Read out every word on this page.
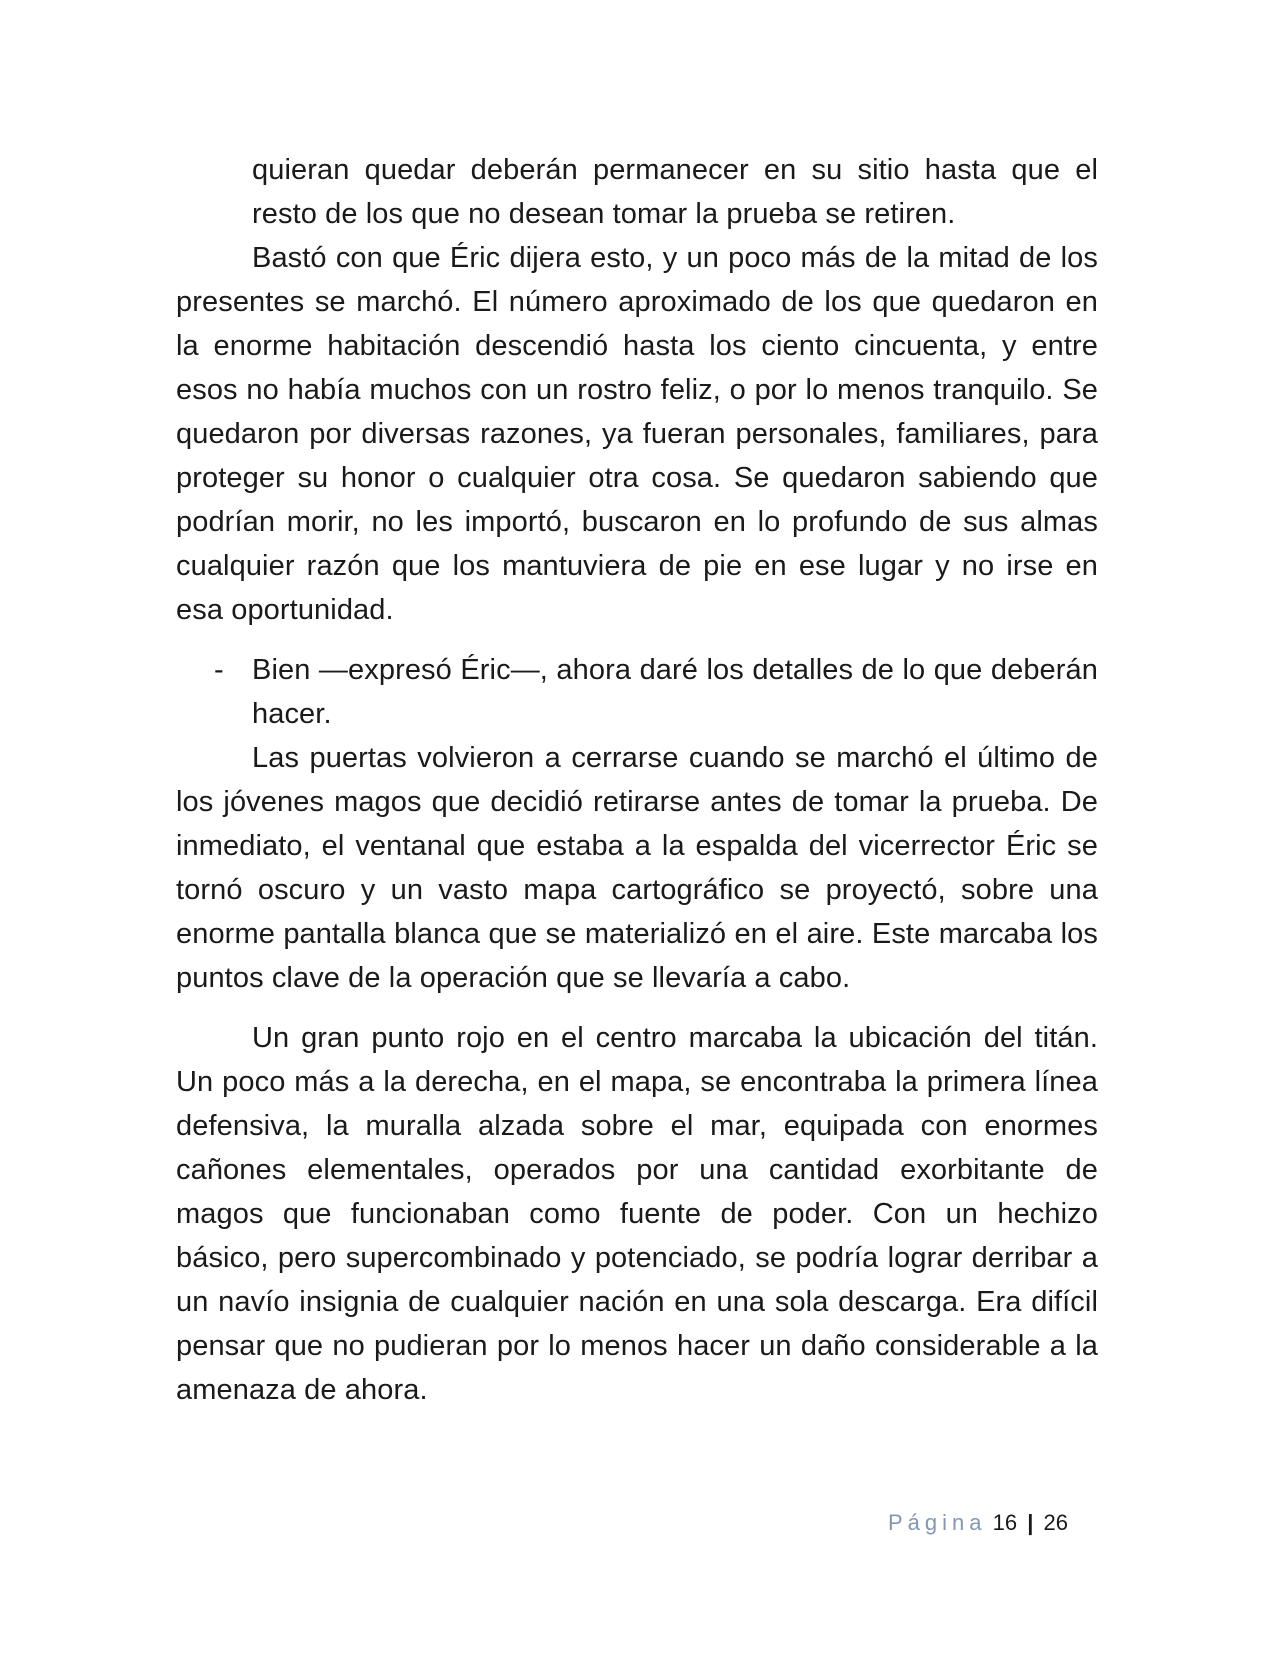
quieran quedar deberán permanecer en su sitio hasta que el resto de los que no desean tomar la prueba se retiren.

Bastó con que Éric dijera esto, y un poco más de la mitad de los presentes se marchó. El número aproximado de los que quedaron en la enorme habitación descendió hasta los ciento cincuenta, y entre esos no había muchos con un rostro feliz, o por lo menos tranquilo. Se quedaron por diversas razones, ya fueran personales, familiares, para proteger su honor o cualquier otra cosa. Se quedaron sabiendo que podrían morir, no les importó, buscaron en lo profundo de sus almas cualquier razón que los mantuviera de pie en ese lugar y no irse en esa oportunidad.

- Bien —expresó Éric—, ahora daré los detalles de lo que deberán hacer.

Las puertas volvieron a cerrarse cuando se marchó el último de los jóvenes magos que decidió retirarse antes de tomar la prueba. De inmediato, el ventanal que estaba a la espalda del vicerrector Éric se tornó oscuro y un vasto mapa cartográfico se proyectó, sobre una enorme pantalla blanca que se materializó en el aire. Este marcaba los puntos clave de la operación que se llevaría a cabo.

Un gran punto rojo en el centro marcaba la ubicación del titán. Un poco más a la derecha, en el mapa, se encontraba la primera línea defensiva, la muralla alzada sobre el mar, equipada con enormes cañones elementales, operados por una cantidad exorbitante de magos que funcionaban como fuente de poder. Con un hechizo básico, pero supercombinado y potenciado, se podría lograr derribar a un navío insignia de cualquier nación en una sola descarga. Era difícil pensar que no pudieran por lo menos hacer un daño considerable a la amenaza de ahora.

Página 16 | 26
